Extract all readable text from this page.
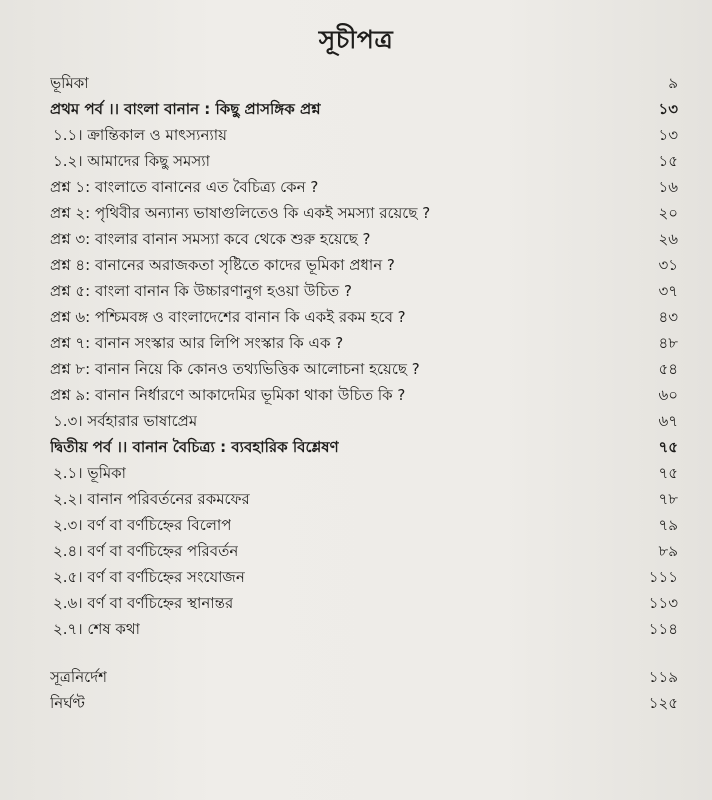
সূচীপত্র
ভূমিকা	৯
প্রথম পর্ব ।। বাংলা বানান : কিছু প্রাসঙ্গিক প্রশ্ন	১৩
১.১। ক্রান্তিকাল ও মাৎস্যন্যায়	১৩
১.২। আমাদের কিছু সমস্যা	১৫
প্রশ্ন ১: বাংলাতে বানানের এত বৈচিত্র্য কেন ?	১৬
প্রশ্ন ২: পৃথিবীর অন্যান্য ভাষাগুলিতেও কি একই সমস্যা রয়েছে ?	২০
প্রশ্ন ৩: বাংলার বানান সমস্যা কবে থেকে শুরু হয়েছে ?	২৬
প্রশ্ন ৪: বানানের অরাজকতা সৃষ্টিতে কাদের ভূমিকা প্রধান ?	৩১
প্রশ্ন ৫: বাংলা বানান কি উচ্চারণানুগ হওয়া উচিত ?	৩৭
প্রশ্ন ৬: পশ্চিমবঙ্গ ও বাংলাদেশের বানান কি একই রকম হবে ?	৪৩
প্রশ্ন ৭: বানান সংস্কার আর লিপি সংস্কার কি এক ?	৪৮
প্রশ্ন ৮: বানান নিয়ে কি কোনও তথ্যভিত্তিক আলোচনা হয়েছে ?	৫৪
প্রশ্ন ৯: বানান নির্ধারণে আকাদেমির ভূমিকা থাকা উচিত কি ?	৬০
১.৩। সর্বহারার ভাষাপ্রেম	৬৭
দ্বিতীয় পর্ব ।। বানান বৈচিত্র্য : ব্যবহারিক বিশ্লেষণ	৭৫
২.১। ভূমিকা	৭৫
২.২। বানান পরিবর্তনের রকমফের	৭৮
২.৩। বর্ণ বা বর্ণচিহ্নের বিলোপ	৭৯
২.৪। বর্ণ বা বর্ণচিহ্নের পরিবর্তন	৮৯
২.৫। বর্ণ বা বর্ণচিহ্নের সংযোজন	১১১
২.৬। বর্ণ বা বর্ণচিহ্নের স্থানান্তর	১১৩
২.৭। শেষ কথা	১১৪
সূত্রনির্দেশ	১১৯
নির্ঘণ্ট	১২৫
